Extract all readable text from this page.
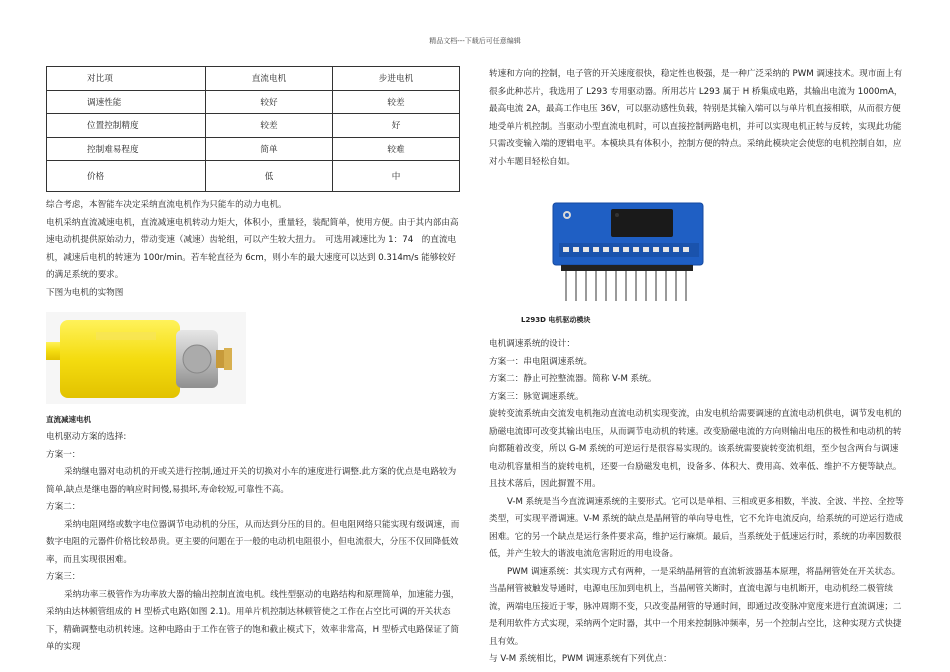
精品文档---下载后可任意编辑
对比项	直流电机	步进电机
调速性能	较好	较差
位置控制精度	较差	好
控制难易程度	简单	较难
价格	低	中

综合考虑，本智能车决定采纳直流电机作为只能车的动力电机。

电机采纳直流减速电机，直流减速电机转动力矩大，体积小，重量轻，装配简单，使用方便。由于其内部由高速电动机提供原始动力，带动变速（减速）齿轮组，可以产生较大扭力。　可选用减速比为 1：74　的直流电机，减速后电机的转速为 100r/min。若车轮直径为 6cm，则小车的最大速度可以达到 0.314m/s 能够较好的满足系统的要求。

下图为电机的实物图

直流减速电机

电机驱动方案的选择:

方案一：

采纳继电器对电动机的开或关进行控制,通过开关的切换对小车的速度进行调整.此方案的优点是电路较为简单,缺点是继电器的响应时间慢,易损坏,寿命较短,可靠性不高。

方案二：

采纳电阻网络或数字电位器调节电动机的分压，从而达到分压的目的。但电阻网络只能实现有级调速，而数字电阻的元器件价格比较昂贵。更主要的问题在于一般的电动机电阻很小，但电流很大，分压不仅回降低效率，而且实现很困难。

方案三：

采纳功率三极管作为功率放大器的输出控制直流电机。线性型驱动的电路结构和原理简单，加速能力强，采纳由达林顿管组成的 H 型桥式电路(如图 2.1)。用单片机控制达林顿管使之工作在占空比可调的开关状态下，精确调整电动机转速。这种电路由于工作在管子的饱和截止模式下，效率非常高，H 型桥式电路保证了简单的实现

转速和方向的控制，电子管的开关速度很快，稳定性也极强，是一种广泛采纳的 PWM 调速技术。现市面上有很多此种芯片，我选用了 L293 专用驱动器。所用芯片 L293 属于 H 桥集成电路，其输出电流为 1000mA，最高电流 2A，最高工作电压 36V，可以驱动感性负载，特别是其输入端可以与单片机直接相联，从而很方便地受单片机控制。当驱动小型直流电机时，可以直接控制两路电机，并可以实现电机正转与反转，实现此功能只需改变输入端的逻辑电平。本模块具有体积小，控制方便的特点。采纳此模块定会使您的电机控制自如，应对小车题目轻松自如。

L293D 电机驱动模块

电机调速系统的设计：

方案一：串电阻调速系统。

方案二：静止可控整流器。简称 V-M 系统。

方案三：脉宽调速系统。

旋转变流系统由交流发电机拖动直流电动机实现变流，由发电机给需要调速的直流电动机供电，调节发电机的励磁电流即可改变其输出电压，从而调节电动机的转速。改变励磁电流的方向则输出电压的极性和电动机的转向都随着改变，所以 G-M 系统的可逆运行是很容易实现的。该系统需要旋转变流机组，至少包含两台与调速电动机容量相当的旋转电机，还要一台励磁发电机，设备多、体积大、费用高、效率低、维护不方便等缺点。且技术落后，因此摒置不用。

V-M 系统是当今直流调速系统的主要形式。它可以是单相、三相或更多相数，半波、全波、半控、全控等类型，可实现平滑调速。V-M 系统的缺点是晶闸管的单向导电性，它不允许电流反向，给系统的可逆运行造成困难。它的另一个缺点是运行条件要求高，维护运行麻烦。最后，当系统处于低速运行时，系统的功率因数很低，并产生较大的谐波电流危害附近的用电设备。

PWM 调速系统：其实现方式有两种，一是采纳晶闸管的直流斩波器基本原理，将晶闸管处在开关状态。当晶闸管被触发导通时，电源电压加到电机上，当晶闸管关断时，直流电源与电机断开，电动机经二极管续流，两端电压接近于零，脉冲周期不变，只改变晶闸管的导通时间，即通过改变脉冲宽度来进行直流调速；二是利用软件方式实现，采纳两个定时器，其中一个用来控制脉冲频率，另一个控制占空比，这种实现方式快捷且有效。

与 V-M 系统相比，PWM 调速系统有下列优点：
